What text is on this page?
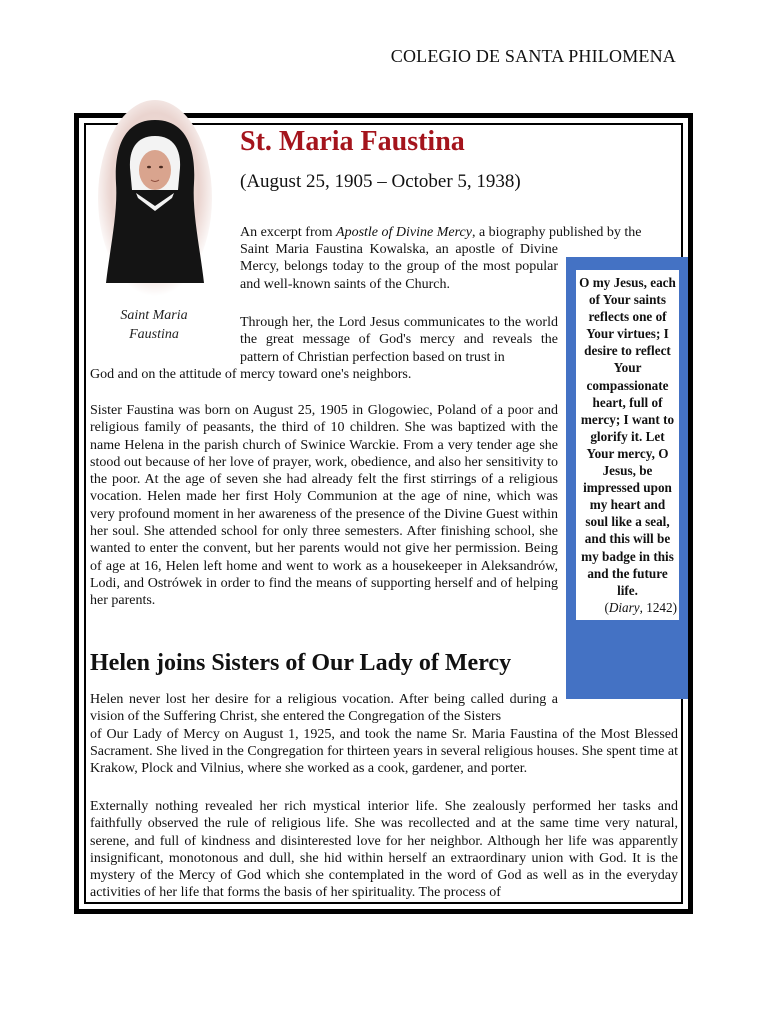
COLEGIO DE SANTA PHILOMENA
Saint Maria
Faustina
St. Maria Faustina
(August 25, 1905 – October 5, 1938)
An excerpt from Apostle of Divine Mercy, a biography published by the
Saint Maria Faustina Kowalska, an apostle of Divine Mercy, belongs today to the group of the most popular and well-known saints of the Church.
Through her, the Lord Jesus communicates to the world the great message of God's mercy and reveals the pattern of Christian perfection based on trust in
God and on the attitude of mercy toward one's neighbors.
Sister Faustina was born on August 25, 1905 in Glogowiec, Poland of a poor and religious family of peasants, the third of 10 children. She was baptized with the name Helena in the parish church of Swinice Warckie. From a very tender age she stood out because of her love of prayer, work, obedience, and also her sensitivity to the poor. At the age of seven she had already felt the first stirrings of a religious vocation. Helen made her first Holy Communion at the age of nine, which was very profound moment in her awareness of the presence of the Divine Guest within her soul. She attended school for only three semesters. After finishing school, she wanted to enter the convent, but her parents would not give her permission. Being of age at 16, Helen left home and went to work as a housekeeper in Aleksandrów, Lodi, and Ostrówek in order to find the means of supporting herself and of helping her parents.
Helen joins Sisters of Our Lady of Mercy
Helen never lost her desire for a religious vocation. After being called during a vision of the Suffering Christ, she entered the Congregation of the Sisters
of Our Lady of Mercy on August 1, 1925, and took the name Sr. Maria Faustina of the Most Blessed Sacrament. She lived in the Congregation for thirteen years in several religious houses. She spent time at Krakow, Plock and Vilnius, where she worked as a cook, gardener, and porter.
Externally nothing revealed her rich mystical interior life. She zealously performed her tasks and faithfully observed the rule of religious life. She was recollected and at the same time very natural, serene, and full of kindness and disinterested love for her neighbor. Although her life was apparently insignificant, monotonous and dull, she hid within herself an extraordinary union with God. It is the mystery of the Mercy of God which she contemplated in the word of God as well as in the everyday activities of her life that forms the basis of her spirituality. The process of
O my Jesus, each of Your saints reflects one of Your virtues; I desire to reflect Your compassionate heart, full of mercy; I want to glorify it. Let Your mercy, O Jesus, be impressed upon my heart and soul like a seal, and this will be my badge in this and the future life.
(Diary, 1242)
